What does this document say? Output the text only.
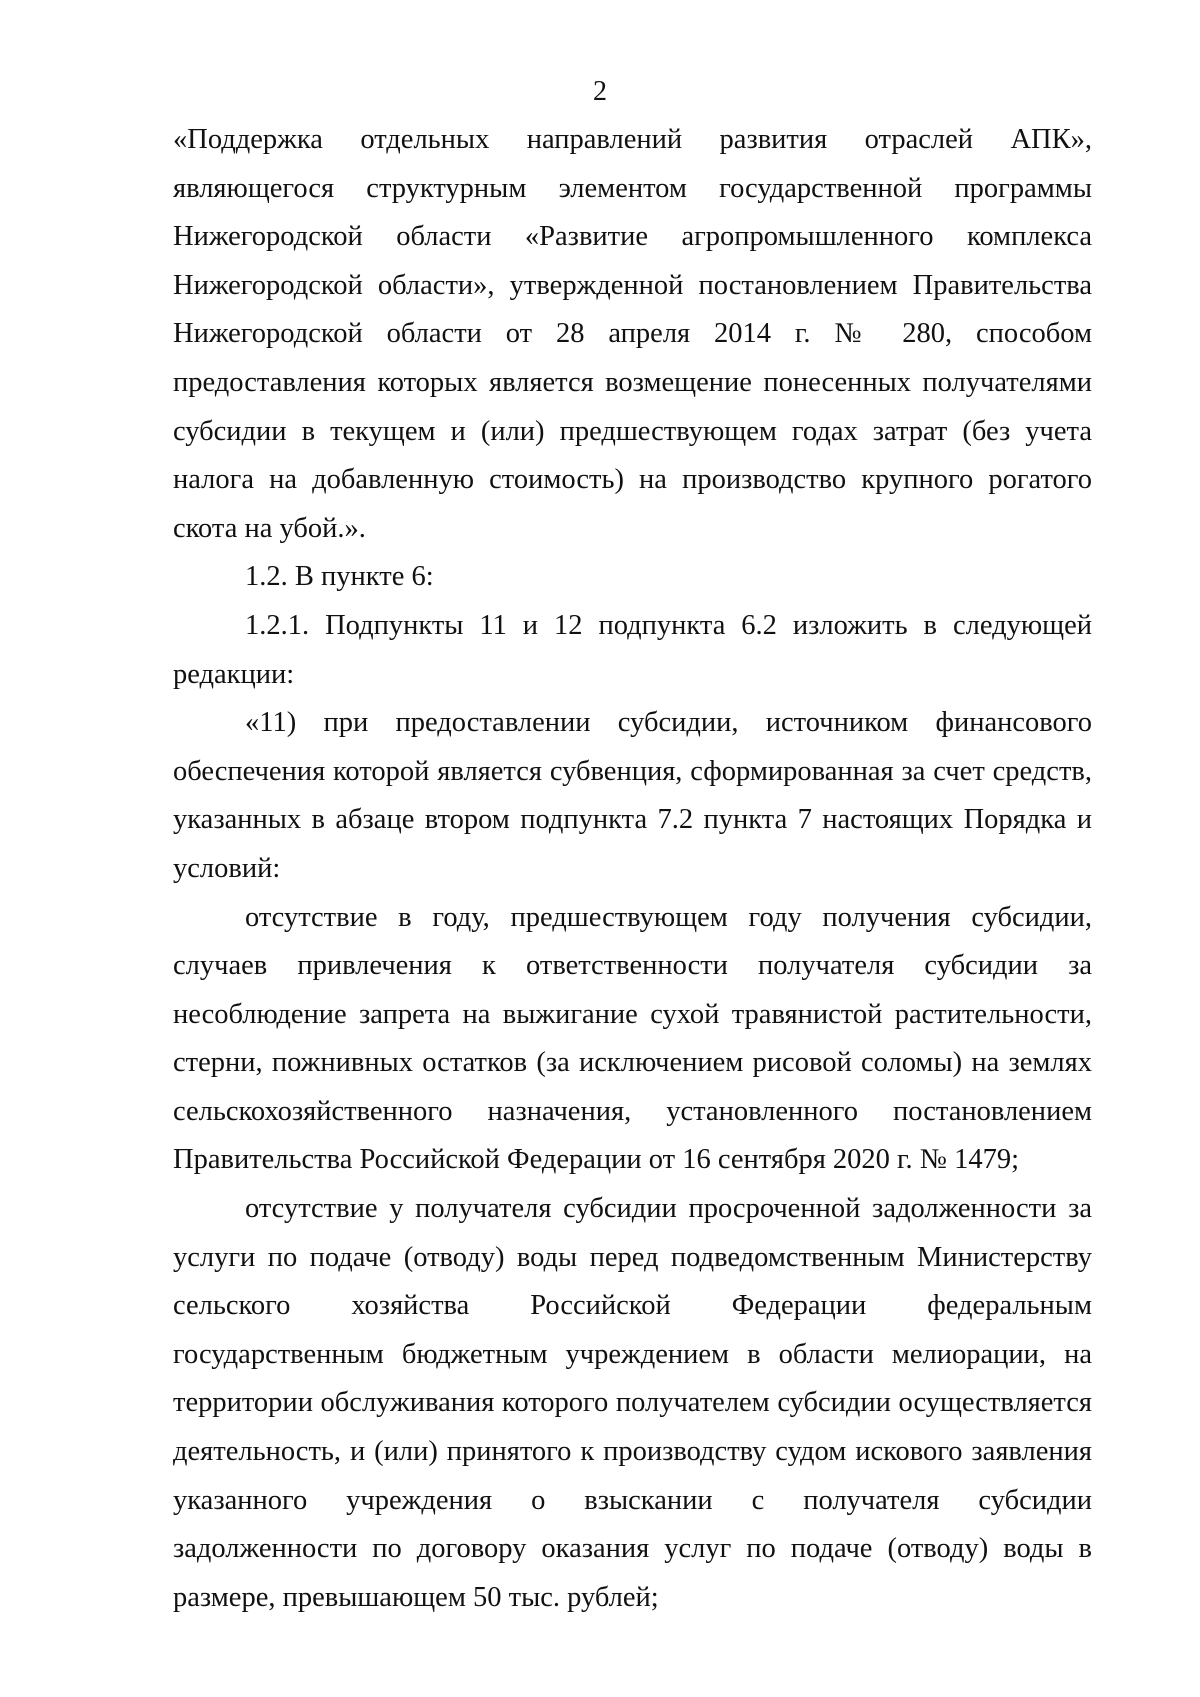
2

«Поддержка отдельных направлений развития отраслей АПК», являющегося структурным элементом государственной программы Нижегородской области «Развитие агропромышленного комплекса Нижегородской области», утвержденной постановлением Правительства Нижегородской области от 28 апреля 2014 г. № 280, способом предоставления которых является возмещение понесенных получателями субсидии в текущем и (или) предшествующем годах затрат (без учета налога на добавленную стоимость) на производство крупного рогатого скота на убой.».

1.2. В пункте 6:

1.2.1. Подпункты 11 и 12 подпункта 6.2 изложить в следующей редакции:

«11) при предоставлении субсидии, источником финансового обеспечения которой является субвенция, сформированная за счет средств, указанных в абзаце втором подпункта 7.2 пункта 7 настоящих Порядка и условий:

отсутствие в году, предшествующем году получения субсидии, случаев привлечения к ответственности получателя субсидии за несоблюдение запрета на выжигание сухой травянистой растительности, стерни, пожнивных остатков (за исключением рисовой соломы) на землях сельскохозяйственного назначения, установленного постановлением Правительства Российской Федерации от 16 сентября 2020 г. № 1479;

отсутствие у получателя субсидии просроченной задолженности за услуги по подаче (отводу) воды перед подведомственным Министерству сельского хозяйства Российской Федерации федеральным государственным бюджетным учреждением в области мелиорации, на территории обслуживания которого получателем субсидии осуществляется деятельность, и (или) принятого к производству судом искового заявления указанного учреждения о взыскании с получателя субсидии задолженности по договору оказания услуг по подаче (отводу) воды в размере, превышающем 50 тыс. рублей;
